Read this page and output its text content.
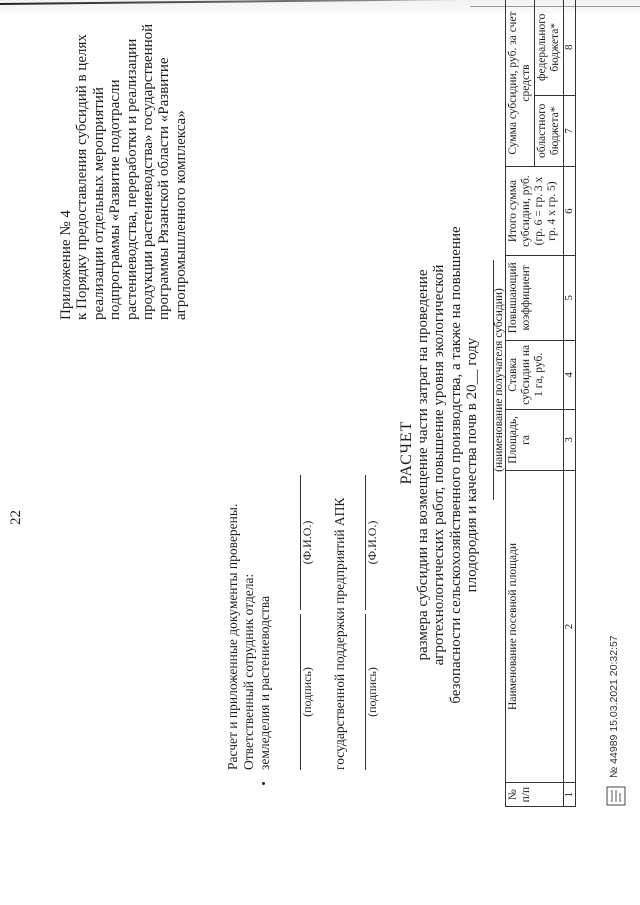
22
Приложение № 4 к Порядку предоставления субсидий в целях реализации отдельных мероприятий подпрограммы «Развитие подотрасли растениеводства, переработки и реализации продукции растениеводства» государственной программы Рязанской области «Развитие агропромышленного комплекса»
РАСЧЕТ размера субсидии на возмещение части затрат на проведение агротехнологических работ, повышение уровня экологической безопасности сельскохозяйственного производства, а также на повышение плодородия и качества почв в 20__ году (наименование получателя субсидии)
Расчет и приложенные документы проверены. Ответственный сотрудник отдела: земледелия и растениеводства (подпись)
(Ф.И.О.) государственной поддержки предприятий АПК (подпись)
(Ф.И.О.)
№ п/п	Наименование посевной площади	Площадь, га	Ставка субсидии на 1 га, руб.	Повышающий коэффициент	Итого сумма субсидии, руб. (гр. 6 = гр. 3 x гр. 4 x гр. 5)	Сумма субсидии, руб. за счет средств	
						областного бюджета*	федерального бюджета*
1	2	3	4	5	6	7	8
№ 44989 15.03.2021 20:32:57
